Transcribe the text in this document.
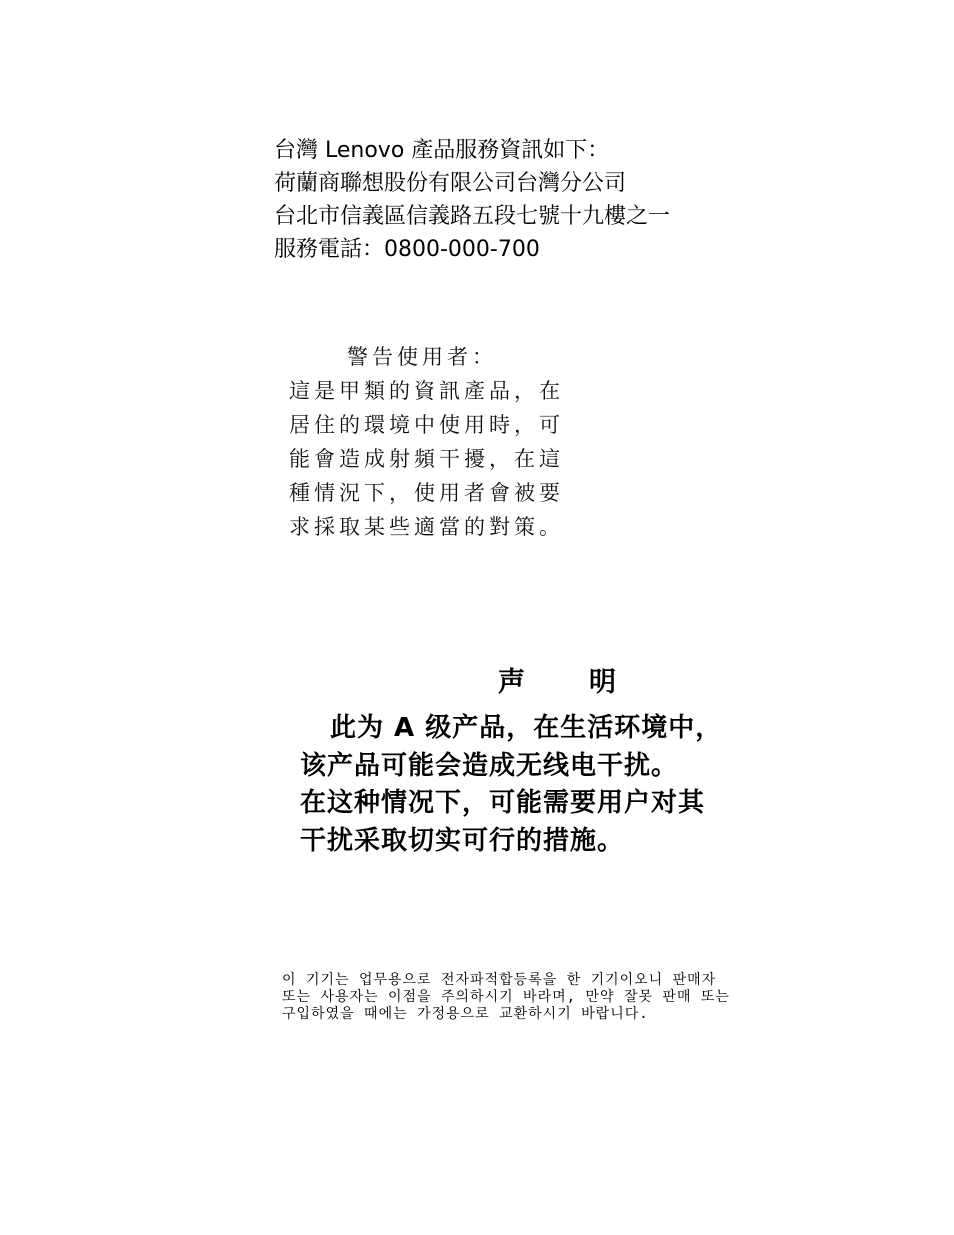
台灣 Lenovo 產品服務資訊如下：
荷蘭商聯想股份有限公司台灣分公司
台北市信義區信義路五段七號十九樓之一
服務電話：0800-000-700
警告使用者：
這是甲類的資訊產品，在
居住的環境中使用時，可
能會造成射頻干擾，在這
種情況下，使用者會被要
求採取某些適當的對策。
声明
此为 A 级产品，在生活环境中，
该产品可能会造成无线电干扰。
在这种情况下，可能需要用户对其
干扰采取切实可行的措施。
이 기기는 업무용으로 전자파적합등록을 한 기기이오니 판매자
또는 사용자는 이점을 주의하시기 바라며, 만약 잘못 판매 또는
구입하였을 때에는 가정용으로 교환하시기 바랍니다.
